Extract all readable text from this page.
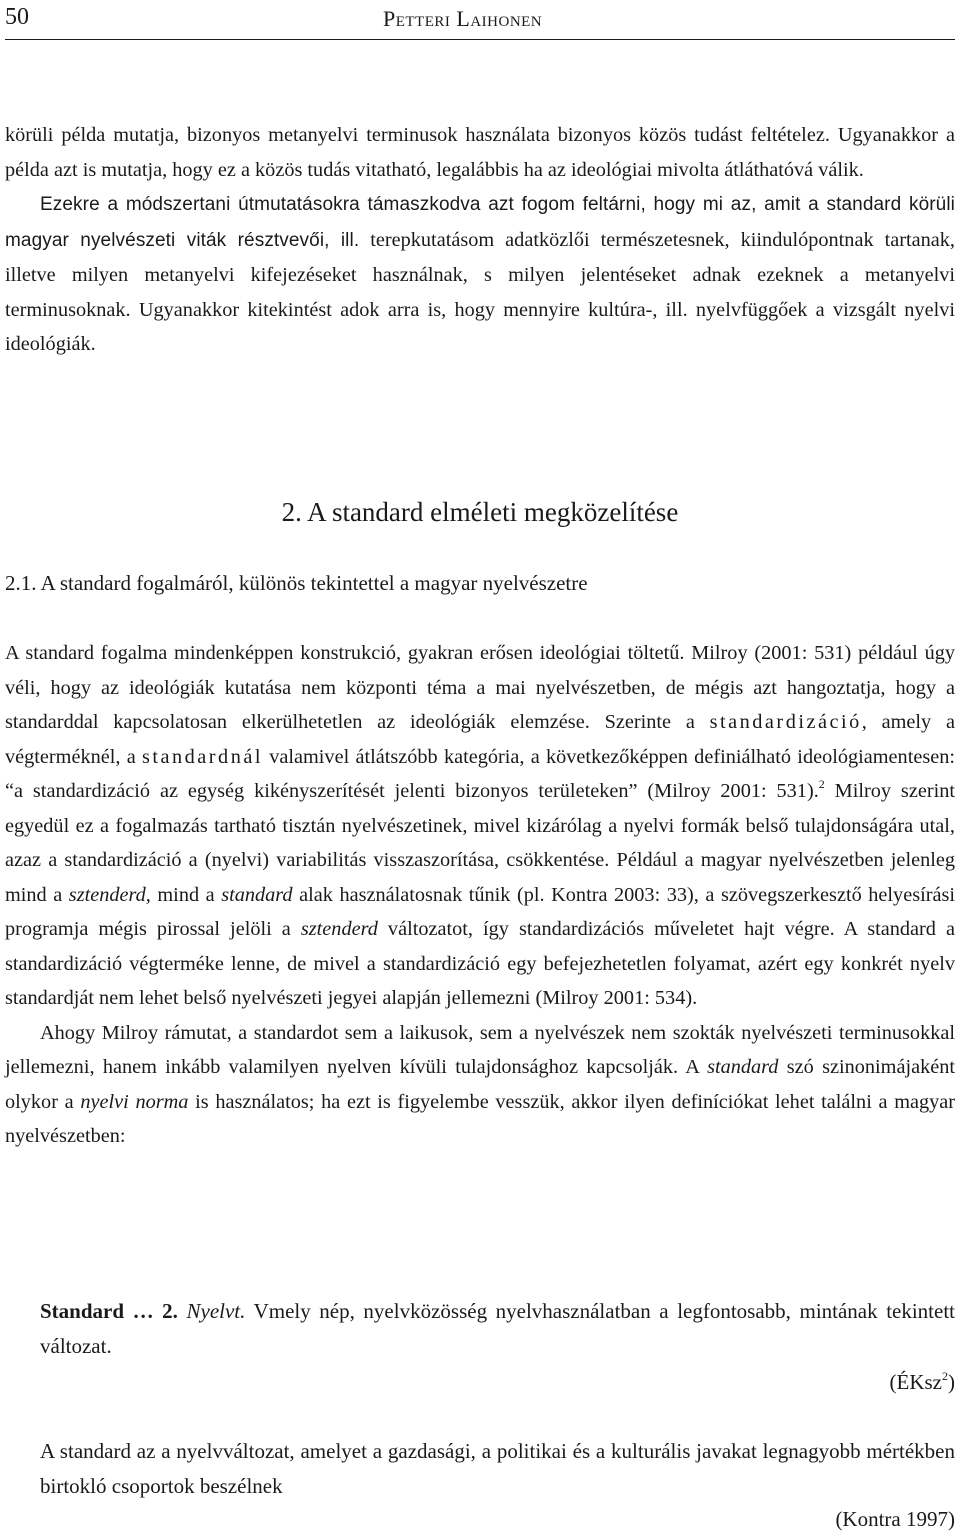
50	Petteri Laihonen

körüli példa mutatja, bizonyos metanyelvi terminusok használata bizonyos közös tudást feltételez. Ugyanakkor a példa azt is mutatja, hogy ez a közös tudás vitatható, legalábbis ha az ideológiai mivolta átláthatóvá válik.

Ezekre a módszertani útmutatásokra támaszkodva azt fogom feltárni, hogy mi az, amit a standard körüli magyar nyelvészeti viták résztvevői, ill. terepkutatásom adatközlői természetesnek, kiindulópontnak tartanak, illetve milyen metanyelvi kifejezéseket használnak, s milyen jelentéseket adnak ezeknek a metanyelvi terminusoknak. Ugyanakkor kitekintést adok arra is, hogy mennyire kultúra-, ill. nyelvfüggőek a vizsgált nyelvi ideológiák.

2. A standard elméleti megközelítése
2.1. A standard fogalmáról, különös tekintettel a magyar nyelvészetre

A standard fogalma mindenképpen konstrukció, gyakran erősen ideológiai töltetű. Milroy (2001: 531) például úgy véli, hogy az ideológiák kutatása nem központi téma a mai nyelvészetben, de mégis azt hangoztatja, hogy a standarddal kapcsolatosan elkerülhetetlen az ideológiák elemzése. Szerinte a standardizáció, amely a végterméknél, a standardnál valamivel átlátszóbb kategória, a következőképpen definiálható ideológiamentesen: “a standardizáció az egység kikényszerítését jelenti bizonyos területeken” (Milroy 2001: 531).$^2$ Milroy szerint egyedül ez a fogalmazás tartható tisztán nyelvészetinek, mivel kizárólag a nyelvi formák belső tulajdonságára utal, azaz a standardizáció a (nyelvi) variabilitás visszaszorítása, csökkentése. Például a magyar nyelvészetben jelenleg mind a sztenderd, mind a standard alak használatosnak tűnik (pl. Kontra 2003: 33), a szövegszerkesztő helyesírási programja mégis pirossal jelöli a sztenderd változatot, így standardizációs műveletet hajt végre. A standard a standardizáció végterméke lenne, de mivel a standardizáció egy befejezhetetlen folyamat, azért egy konkrét nyelv standardját nem lehet belső nyelvészeti jegyei alapján jellemezni (Milroy 2001: 534).

Ahogy Milroy rámutat, a standardot sem a laikusok, sem a nyelvészek nem szokták nyelvészeti terminusokkal jellemezni, hanem inkább valamilyen nyelven kívüli tulajdonsághoz kapcsolják. A standard szó szinonimájaként olykor a nyelvi norma is használatos; ha ezt is figyelembe vesszük, akkor ilyen definíciókat lehet találni a magyar nyelvészetben:

Standard … 2. Nyelvt. Vmely nép, nyelvközösség nyelvhasználatban a legfontosabb, mintának tekintett változat.

(ÉKsz$^2$)

A standard az a nyelvváltozat, amelyet a gazdasági, a politikai és a kulturális javakat legnagyobb mértékben birtokló csoportok beszélnek

(Kontra 1997)
